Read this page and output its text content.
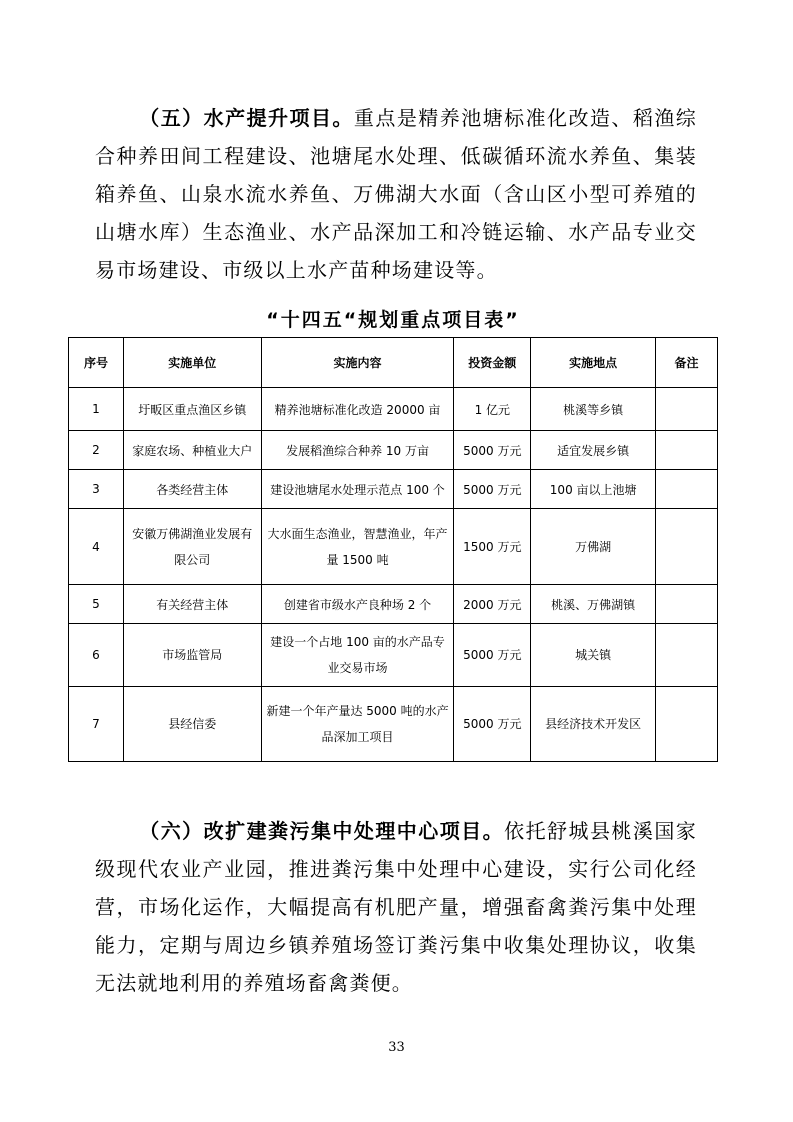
（五）水产提升项目。重点是精养池塘标准化改造、稻渔综合种养田间工程建设、池塘尾水处理、低碳循环流水养鱼、集装箱养鱼、山泉水流水养鱼、万佛湖大水面（含山区小型可养殖的山塘水库）生态渔业、水产品深加工和冷链运输、水产品专业交易市场建设、市级以上水产苗种场建设等。
“十四五“规划重点项目表”
序号	实施单位	实施内容	投资金额	实施地点	备注
1	圩畈区重点渔区乡镇	精养池塘标准化改造 20000 亩	1 亿元	桃溪等乡镇	
2	家庭农场、种植业大户	发展稻渔综合种养 10 万亩	5000 万元	适宜发展乡镇	
3	各类经营主体	建设池塘尾水处理示范点 100 个	5000 万元	100 亩以上池塘	
4	安徽万佛湖渔业发展有限公司	大水面生态渔业，智慧渔业，年产量 1500 吨	1500 万元	万佛湖	
5	有关经营主体	创建省市级水产良种场 2 个	2000 万元	桃溪、万佛湖镇	
6	市场监管局	建设一个占地 100 亩的水产品专业交易市场	5000 万元	城关镇	
7	县经信委	新建一个年产量达 5000 吨的水产品深加工项目	5000 万元	县经济技术开发区	
（六）改扩建粪污集中处理中心项目。依托舒城县桃溪国家级现代农业产业园，推进粪污集中处理中心建设，实行公司化经营，市场化运作，大幅提高有机肥产量，增强畜禽粪污集中处理能力，定期与周边乡镇养殖场签订粪污集中收集处理协议，收集无法就地利用的养殖场畜禽粪便。
33
